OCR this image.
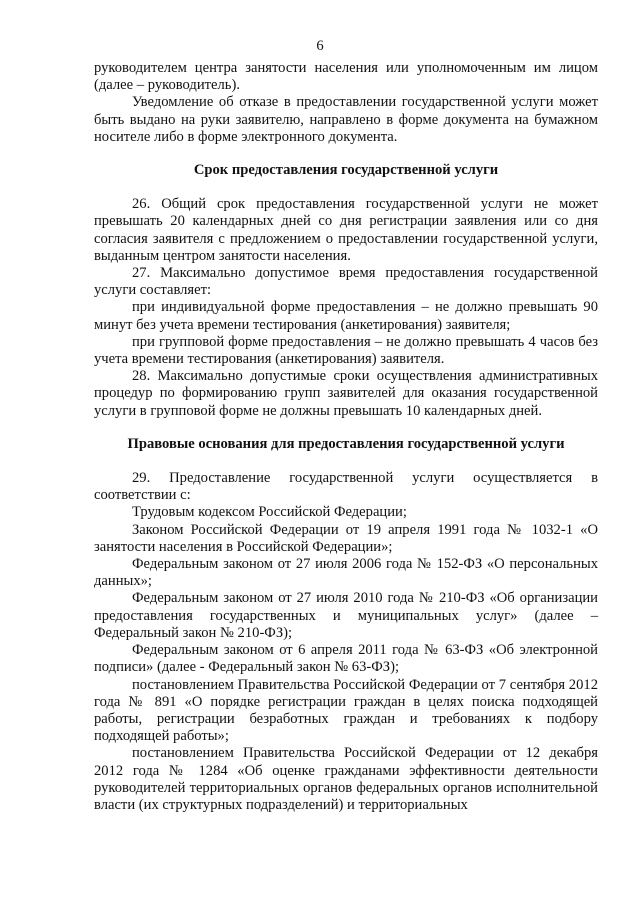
6

руководителем центра занятости населения или уполномоченным им лицом (далее – руководитель).

Уведомление об отказе в предоставлении государственной услуги может быть выдано на руки заявителю, направлено в форме документа на бумажном носителе либо в форме электронного документа.

Срок предоставления государственной услуги

26. Общий срок предоставления государственной услуги не может превышать 20 календарных дней со дня регистрации заявления или со дня согласия заявителя с предложением о предоставлении государственной услуги, выданным центром занятости населения.

27. Максимально допустимое время предоставления государственной услуги составляет:

при индивидуальной форме предоставления – не должно превышать 90 минут без учета времени тестирования (анкетирования) заявителя;

при групповой форме предоставления – не должно превышать 4 часов без учета времени тестирования (анкетирования) заявителя.

28. Максимально допустимые сроки осуществления административных процедур по формированию групп заявителей для оказания государственной услуги в групповой форме не должны превышать 10 календарных дней.

Правовые основания для предоставления государственной услуги

29. Предоставление государственной услуги осуществляется в соответствии с:

Трудовым кодексом Российской Федерации;

Законом Российской Федерации от 19 апреля 1991 года № 1032-1 «О занятости населения в Российской Федерации»;

Федеральным законом от 27 июля 2006 года № 152-ФЗ «О персональных данных»;

Федеральным законом от 27 июля 2010 года № 210-ФЗ «Об организации предоставления государственных и муниципальных услуг» (далее – Федеральный закон № 210-ФЗ);

Федеральным законом от 6 апреля 2011 года № 63-ФЗ «Об электронной подписи» (далее - Федеральный закон № 63-ФЗ);

постановлением Правительства Российской Федерации от 7 сентября 2012 года № 891 «О порядке регистрации граждан в целях поиска подходящей работы, регистрации безработных граждан и требованиях к подбору подходящей работы»;

постановлением Правительства Российской Федерации от 12 декабря 2012 года № 1284 «Об оценке гражданами эффективности деятельности руководителей территориальных органов федеральных органов исполнительной власти (их структурных подразделений) и территориальных
